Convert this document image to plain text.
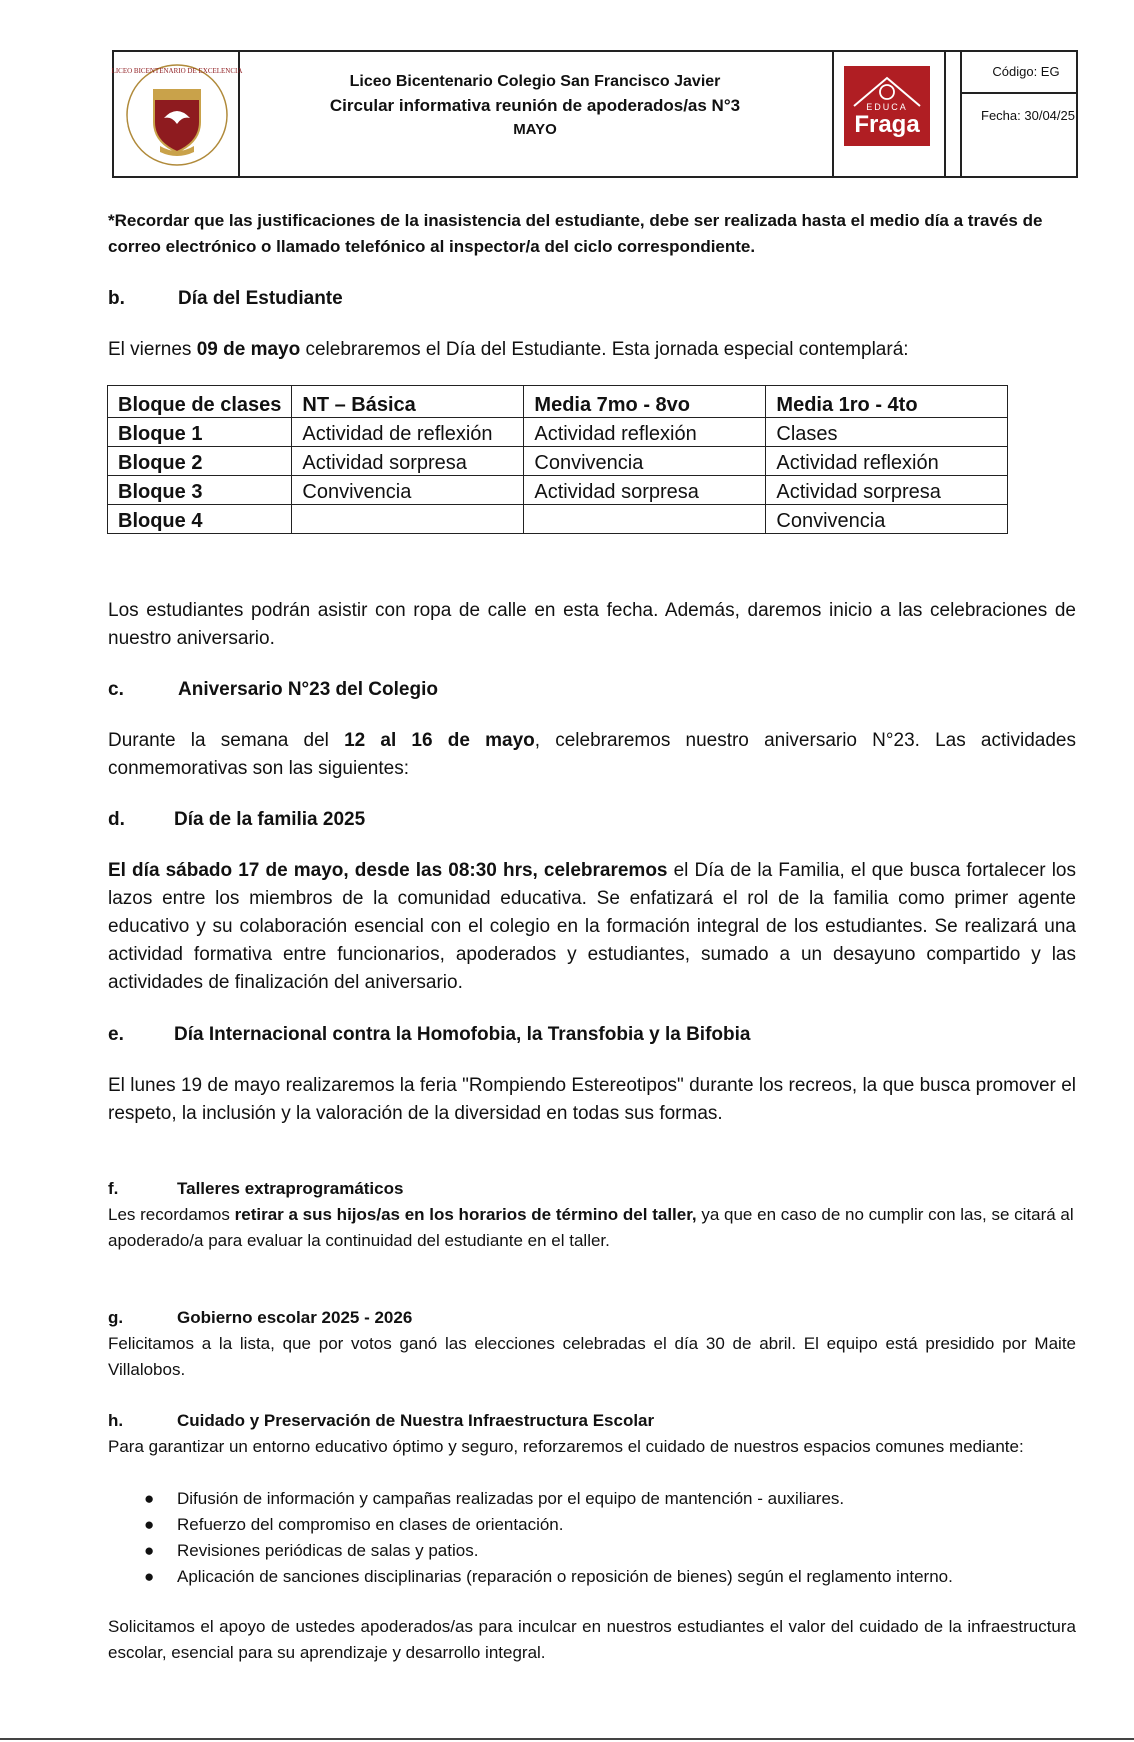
LICEO BICENTENARIO DE EXCELENCIA
Liceo Bicentenario Colegio San Francisco Javier
Circular informativa reunión de apoderados/as N°3
MAYO
EDUCA
Fraga
Código: EG
Fecha: 30/04/25
*Recordar que las justificaciones de la inasistencia del estudiante, debe ser realizada hasta el medio día a través de correo electrónico o llamado telefónico al inspector/a del ciclo correspondiente.
b.	Día del Estudiante
El viernes 09 de mayo celebraremos el Día del Estudiante. Esta jornada especial contemplará:
Bloque de clases	NT – Básica	Media 7mo - 8vo	Media 1ro - 4to
Bloque 1	Actividad de reflexión	Actividad reflexión	Clases
Bloque 2	Actividad sorpresa	Convivencia	Actividad reflexión
Bloque 3	Convivencia	Actividad sorpresa	Actividad sorpresa
Bloque 4			Convivencia
Los estudiantes podrán asistir con ropa de calle en esta fecha. Además, daremos inicio a las celebraciones de nuestro aniversario.
c.	Aniversario N°23 del Colegio
Durante la semana del 12 al 16 de mayo, celebraremos nuestro aniversario N°23. Las actividades conmemorativas son las siguientes:
d.	Día de la familia 2025
El día sábado 17 de mayo, desde las 08:30 hrs, celebraremos el Día de la Familia, el que busca fortalecer los lazos entre los miembros de la comunidad educativa. Se enfatizará el rol de la familia como primer agente educativo y su colaboración esencial con el colegio en la formación integral de los estudiantes. Se realizará una actividad formativa entre funcionarios, apoderados y estudiantes, sumado a un desayuno compartido y las actividades de finalización del aniversario.
e.	Día Internacional contra la Homofobia, la Transfobia y la Bifobia
El lunes 19 de mayo realizaremos la feria "Rompiendo Estereotipos" durante los recreos, la que busca promover el respeto, la inclusión y la valoración de la diversidad en todas sus formas.
f.	Talleres extraprogramáticos
Les recordamos retirar a sus hijos/as en los horarios de término del taller, ya que en caso de no cumplir con las, se citará al apoderado/a para evaluar la continuidad del estudiante en el taller.
g.	Gobierno escolar 2025 - 2026
Felicitamos a la lista, que por votos ganó las elecciones celebradas el día 30 de abril. El equipo está presidido por Maite Villalobos.
h.	Cuidado y Preservación de Nuestra Infraestructura Escolar
Para garantizar un entorno educativo óptimo y seguro, reforzaremos el cuidado de nuestros espacios comunes mediante:
● Difusión de información y campañas realizadas por el equipo de mantención - auxiliares.
● Refuerzo del compromiso en clases de orientación.
● Revisiones periódicas de salas y patios.
● Aplicación de sanciones disciplinarias (reparación o reposición de bienes) según el reglamento interno.
Solicitamos el apoyo de ustedes apoderados/as para inculcar en nuestros estudiantes el valor del cuidado de la infraestructura escolar, esencial para su aprendizaje y desarrollo integral.
